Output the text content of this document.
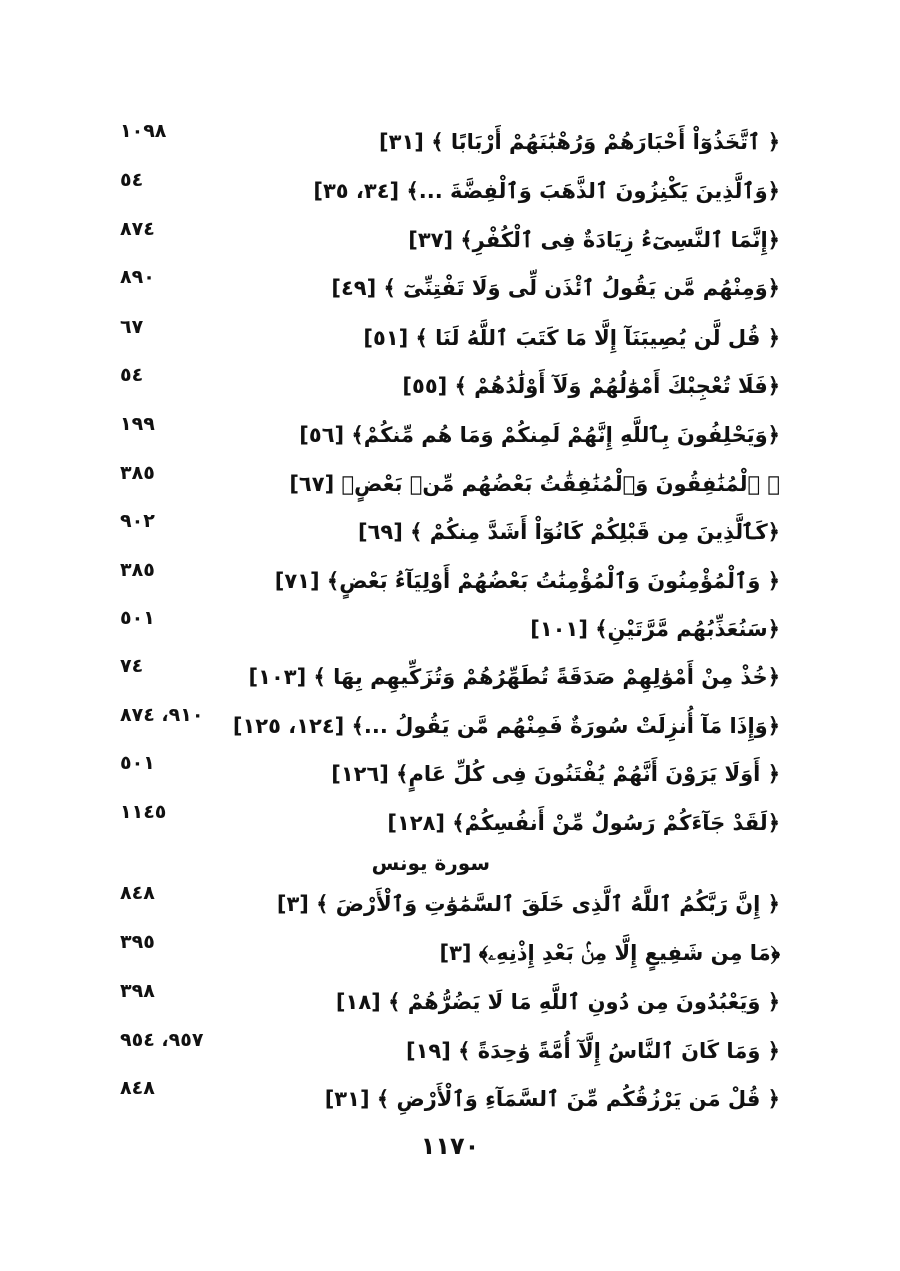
﴿ ٱتَّخَذُوٓاْ أَحْبَارَهُمْ وَرُهْبَٰنَهُمْ أَرْبَابًا ﴾ [٣١]
١٠٩٨
﴿وَٱلَّذِينَ يَكْنِزُونَ ٱلذَّهَبَ وَٱلْفِضَّةَ ...﴾ [٣٤، ٣٥]
٥٤
﴿إِنَّمَا ٱلنَّسِىٓءُ زِيَادَةٌ فِى ٱلْكُفْرِ﴾ [٣٧]
٨٧٤
﴿وَمِنْهُم مَّن يَقُولُ ٱئْذَن لِّى وَلَا تَفْتِنِّىٓ ﴾ [٤٩]
٨٩٠
﴿ قُل لَّن يُصِيبَنَآ إِلَّا مَا كَتَبَ ٱللَّهُ لَنَا ﴾ [٥١]
٦٧
﴿فَلَا تُعْجِبْكَ أَمْوَٰلُهُمْ وَلَآ أَوْلَٰدُهُمْ ﴾ [٥٥]
٥٤
﴿وَيَحْلِفُونَ بِٱللَّهِ إِنَّهُمْ لَمِنكُمْ وَمَا هُم مِّنكُمْ﴾ [٥٦]
١٩٩
﴿ ٱلْمُنَٰفِقُونَ وَٱلْمُنَٰفِقَٰتُ بَعْضُهُم مِّنۢ بَعْضٍ﴾ [٦٧]
٣٨٥
﴿كَٱلَّذِينَ مِن قَبْلِكُمْ كَانُوٓاْ أَشَدَّ مِنكُمْ ﴾ [٦٩]
٩٠٢
﴿ وَٱلْمُؤْمِنُونَ وَٱلْمُؤْمِنَٰتُ بَعْضُهُمْ أَوْلِيَآءُ بَعْضٍ﴾ [٧١]
٣٨٥
﴿سَنُعَذِّبُهُم مَّرَّتَيْنِ﴾ [١٠١]
٥٠١
﴿خُذْ مِنْ أَمْوَٰلِهِمْ صَدَقَةً تُطَهِّرُهُمْ وَتُزَكِّيهِم بِهَا ﴾ [١٠٣]
٧٤
﴿وَإِذَا مَآ أُنزِلَتْ سُورَةٌ فَمِنْهُم مَّن يَقُولُ ...﴾ [١٢٤، ١٢٥]
٩١٠، ٨٧٤
﴿ أَوَلَا يَرَوْنَ أَنَّهُمْ يُفْتَنُونَ فِى كُلِّ عَامٍ﴾ [١٢٦]
٥٠١
﴿لَقَدْ جَآءَكُمْ رَسُولٌ مِّنْ أَنفُسِكُمْ﴾ [١٢٨]
١١٤٥
﴿ إِنَّ رَبَّكُمُ ٱللَّهُ ٱلَّذِى خَلَقَ ٱلسَّمَٰوَٰتِ وَٱلْأَرْضَ ﴾ [٣]
٨٤٨
﴿مَا مِن شَفِيعٍ إِلَّا مِنۢ بَعْدِ إِذْنِهِۦ﴾ [٣]
٣٩٥
﴿ وَيَعْبُدُونَ مِن دُونِ ٱللَّهِ مَا لَا يَضُرُّهُمْ ﴾ [١٨]
٣٩٨
﴿ وَمَا كَانَ ٱلنَّاسُ إِلَّآ أُمَّةً وَٰحِدَةً ﴾ [١٩]
٩٥٧، ٩٥٤
﴿ قُلْ مَن يَرْزُقُكُم مِّنَ ٱلسَّمَآءِ وَٱلْأَرْضِ ﴾ [٣١]
٨٤٨
سورة يونس
١١٧٠
